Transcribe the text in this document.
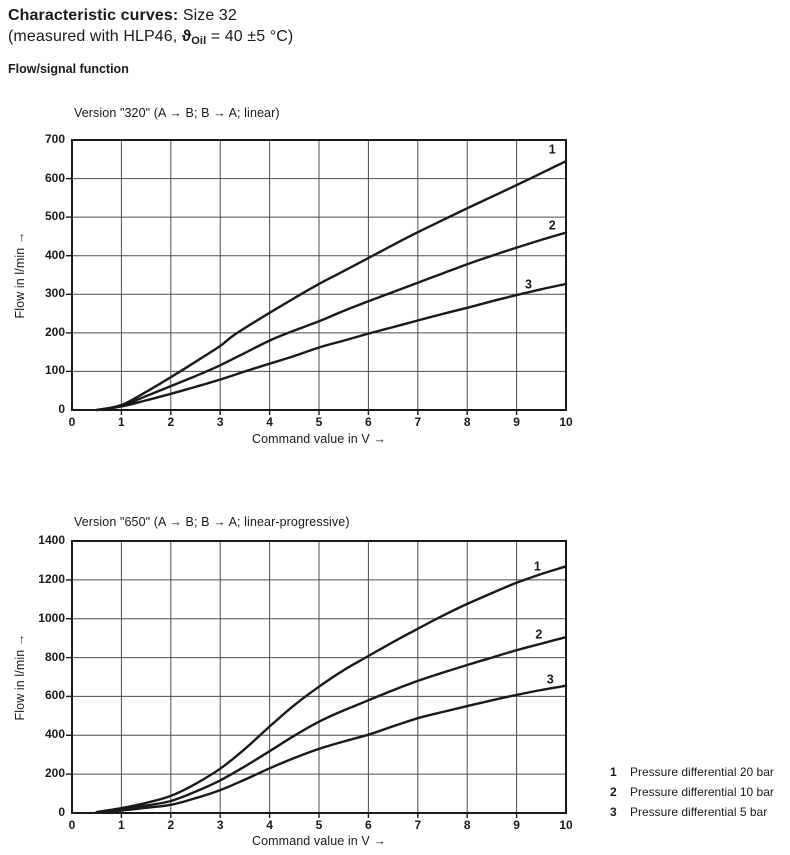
Characteristic curves: Size 32
(measured with HLP46, ϑOil = 40 ±5 °C)
Flow/signal function
Version "320" (A → B; B → A; linear)
Flow in l/min →
1
2
3
Command value in V →
0	1	2	3	4	5	6	7	8	9	10
0
100
200
300
400
500
600
700
Version "650" (A → B; B → A; linear-progressive)
Flow in l/min →
1
2
3
Command value in V →
0	1	2	3	4	5	6	7	8	9	10
0
200
400
600
800
1000
1200
1400
1	Pressure differential 20 bar
2	Pressure differential 10 bar
3	Pressure differential 5 bar
